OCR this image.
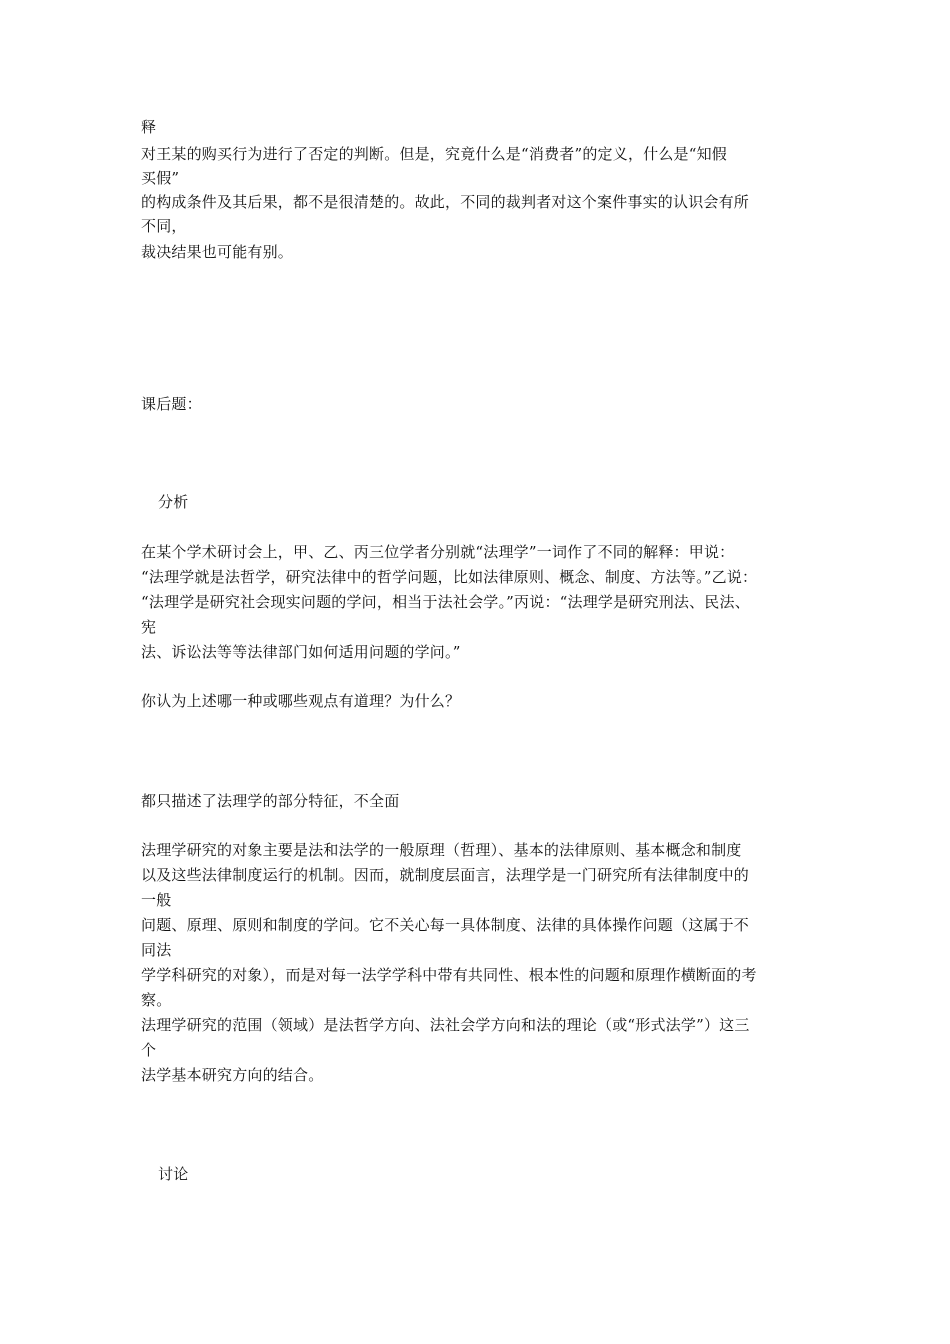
释
对王某的购买行为进行了否定的判断。但是，究竟什么是“消费者”的定义，什么是“知假
买假”
的构成条件及其后果，都不是很清楚的。故此，不同的裁判者对这个案件事实的认识会有所
不同，
裁决结果也可能有别。
课后题：
分析
在某个学术研讨会上，甲、乙、丙三位学者分别就“法理学”一词作了不同的解释：甲说：
“法理学就是法哲学，研究法律中的哲学问题，比如法律原则、概念、制度、方法等。”乙说：
“法理学是研究社会现实问题的学问，相当于法社会学。”丙说：“法理学是研究刑法、民法、
宪
法、诉讼法等等法律部门如何适用问题的学问。”
你认为上述哪一种或哪些观点有道理？为什么？
都只描述了法理学的部分特征，不全面
法理学研究的对象主要是法和法学的一般原理（哲理）、基本的法律原则、基本概念和制度
以及这些法律制度运行的机制。因而，就制度层面言，法理学是一门研究所有法律制度中的
一般
问题、原理、原则和制度的学问。它不关心每一具体制度、法律的具体操作问题（这属于不
同法
学学科研究的对象），而是对每一法学学科中带有共同性、根本性的问题和原理作横断面的考
察。
法理学研究的范围（领域）是法哲学方向、法社会学方向和法的理论（或“形式法学”）这三
个
法学基本研究方向的结合。
讨论
